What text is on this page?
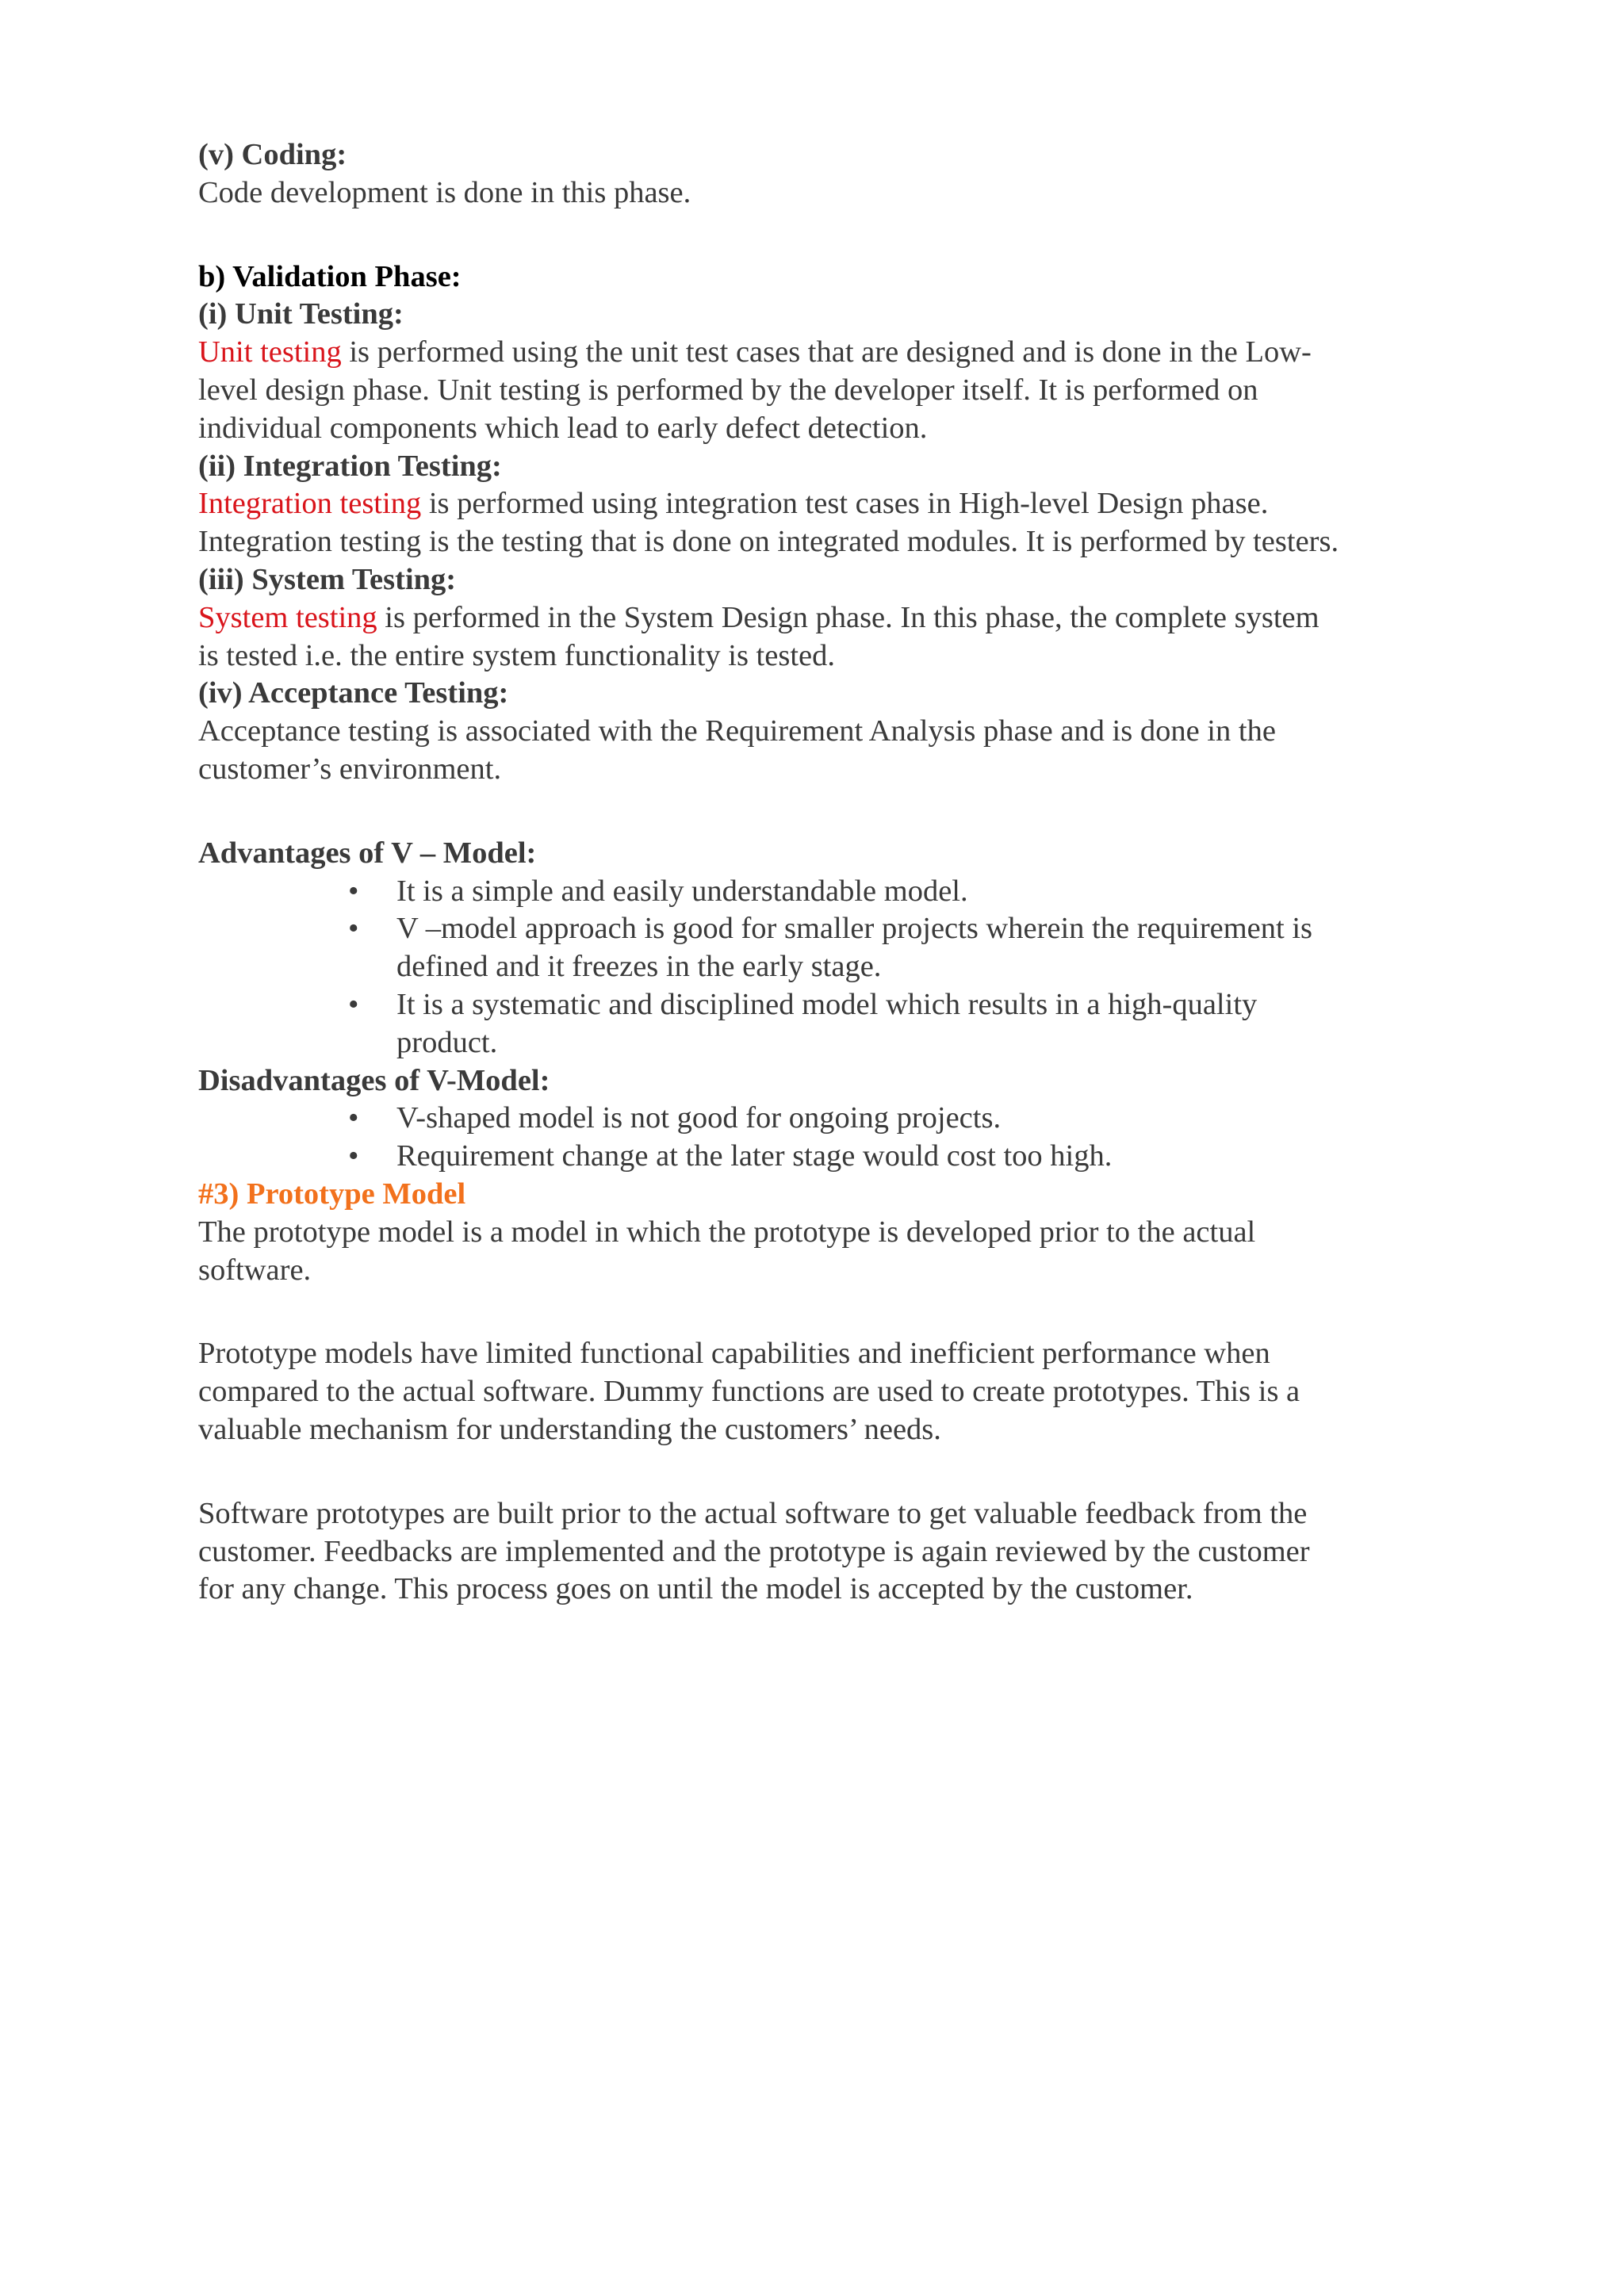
(v) Coding:
Code development is done in this phase.
b) Validation Phase:
(i) Unit Testing:
Unit testing is performed using the unit test cases that are designed and is done in the Low-
level design phase. Unit testing is performed by the developer itself. It is performed on
individual components which lead to early defect detection.
(ii) Integration Testing:
Integration testing is performed using integration test cases in High-level Design phase.
Integration testing is the testing that is done on integrated modules. It is performed by testers.
(iii) System Testing:
System testing is performed in the System Design phase. In this phase, the complete system
is tested i.e. the entire system functionality is tested.
(iv) Acceptance Testing:
Acceptance testing is associated with the Requirement Analysis phase and is done in the
customer’s environment.
Advantages of V – Model:
• It is a simple and easily understandable model.
• V –model approach is good for smaller projects wherein the requirement is
defined and it freezes in the early stage.
• It is a systematic and disciplined model which results in a high-quality
product.
Disadvantages of V-Model:
• V-shaped model is not good for ongoing projects.
• Requirement change at the later stage would cost too high.
#3) Prototype Model
The prototype model is a model in which the prototype is developed prior to the actual
software.
Prototype models have limited functional capabilities and inefficient performance when
compared to the actual software. Dummy functions are used to create prototypes. This is a
valuable mechanism for understanding the customers’ needs.
Software prototypes are built prior to the actual software to get valuable feedback from the
customer. Feedbacks are implemented and the prototype is again reviewed by the customer
for any change. This process goes on until the model is accepted by the customer.
